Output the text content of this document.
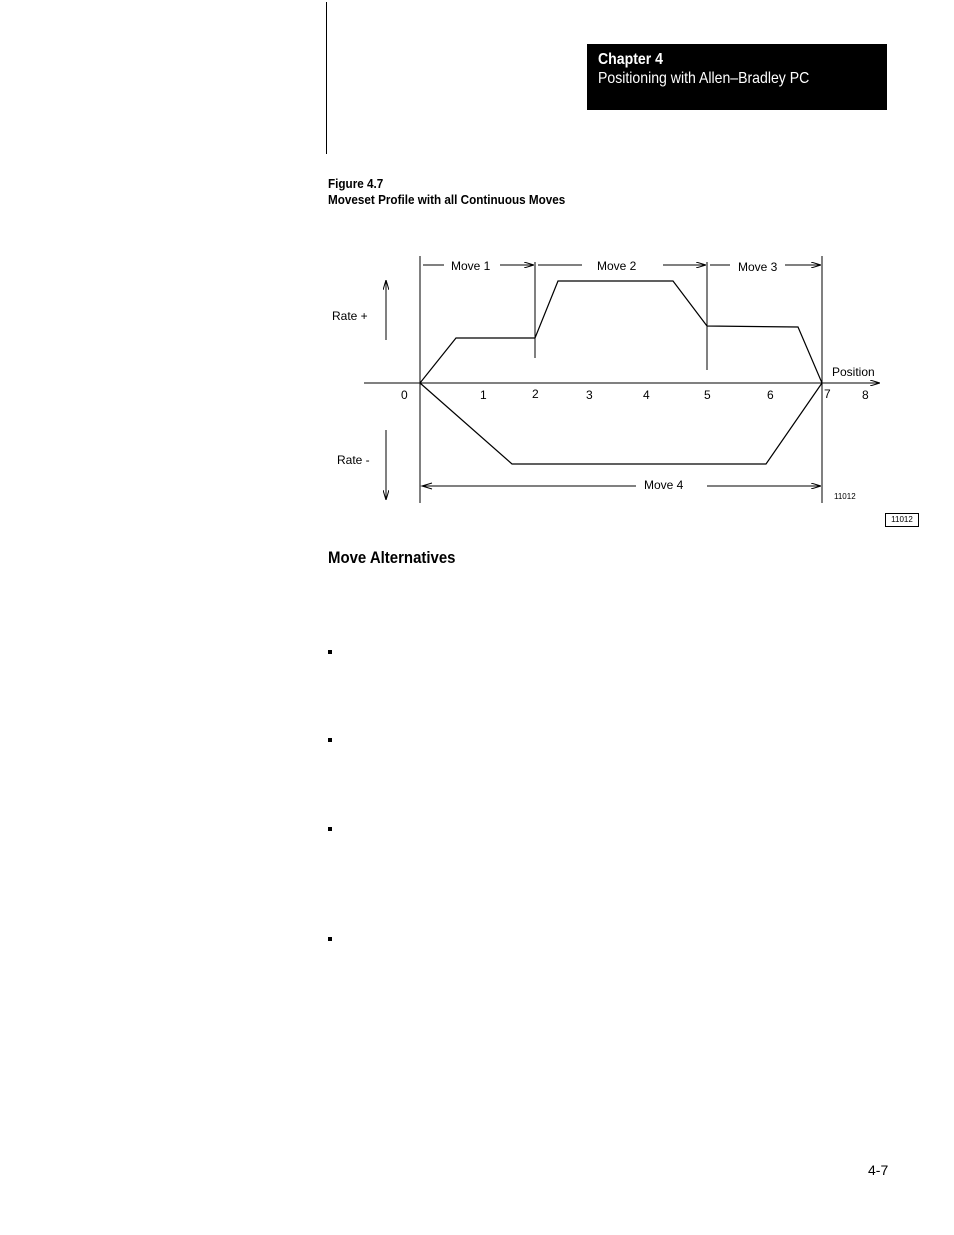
Chapter 4
Positioning with Allen–Bradley PC
Figure 4.7
Moveset Profile with all Continuous Moves
Move 1	Move 2	Move 3
Move 4
Rate +
Rate -
Position
0	1	2	3	4	5	6	7	8
11012
11012
Move Alternatives
4-7
